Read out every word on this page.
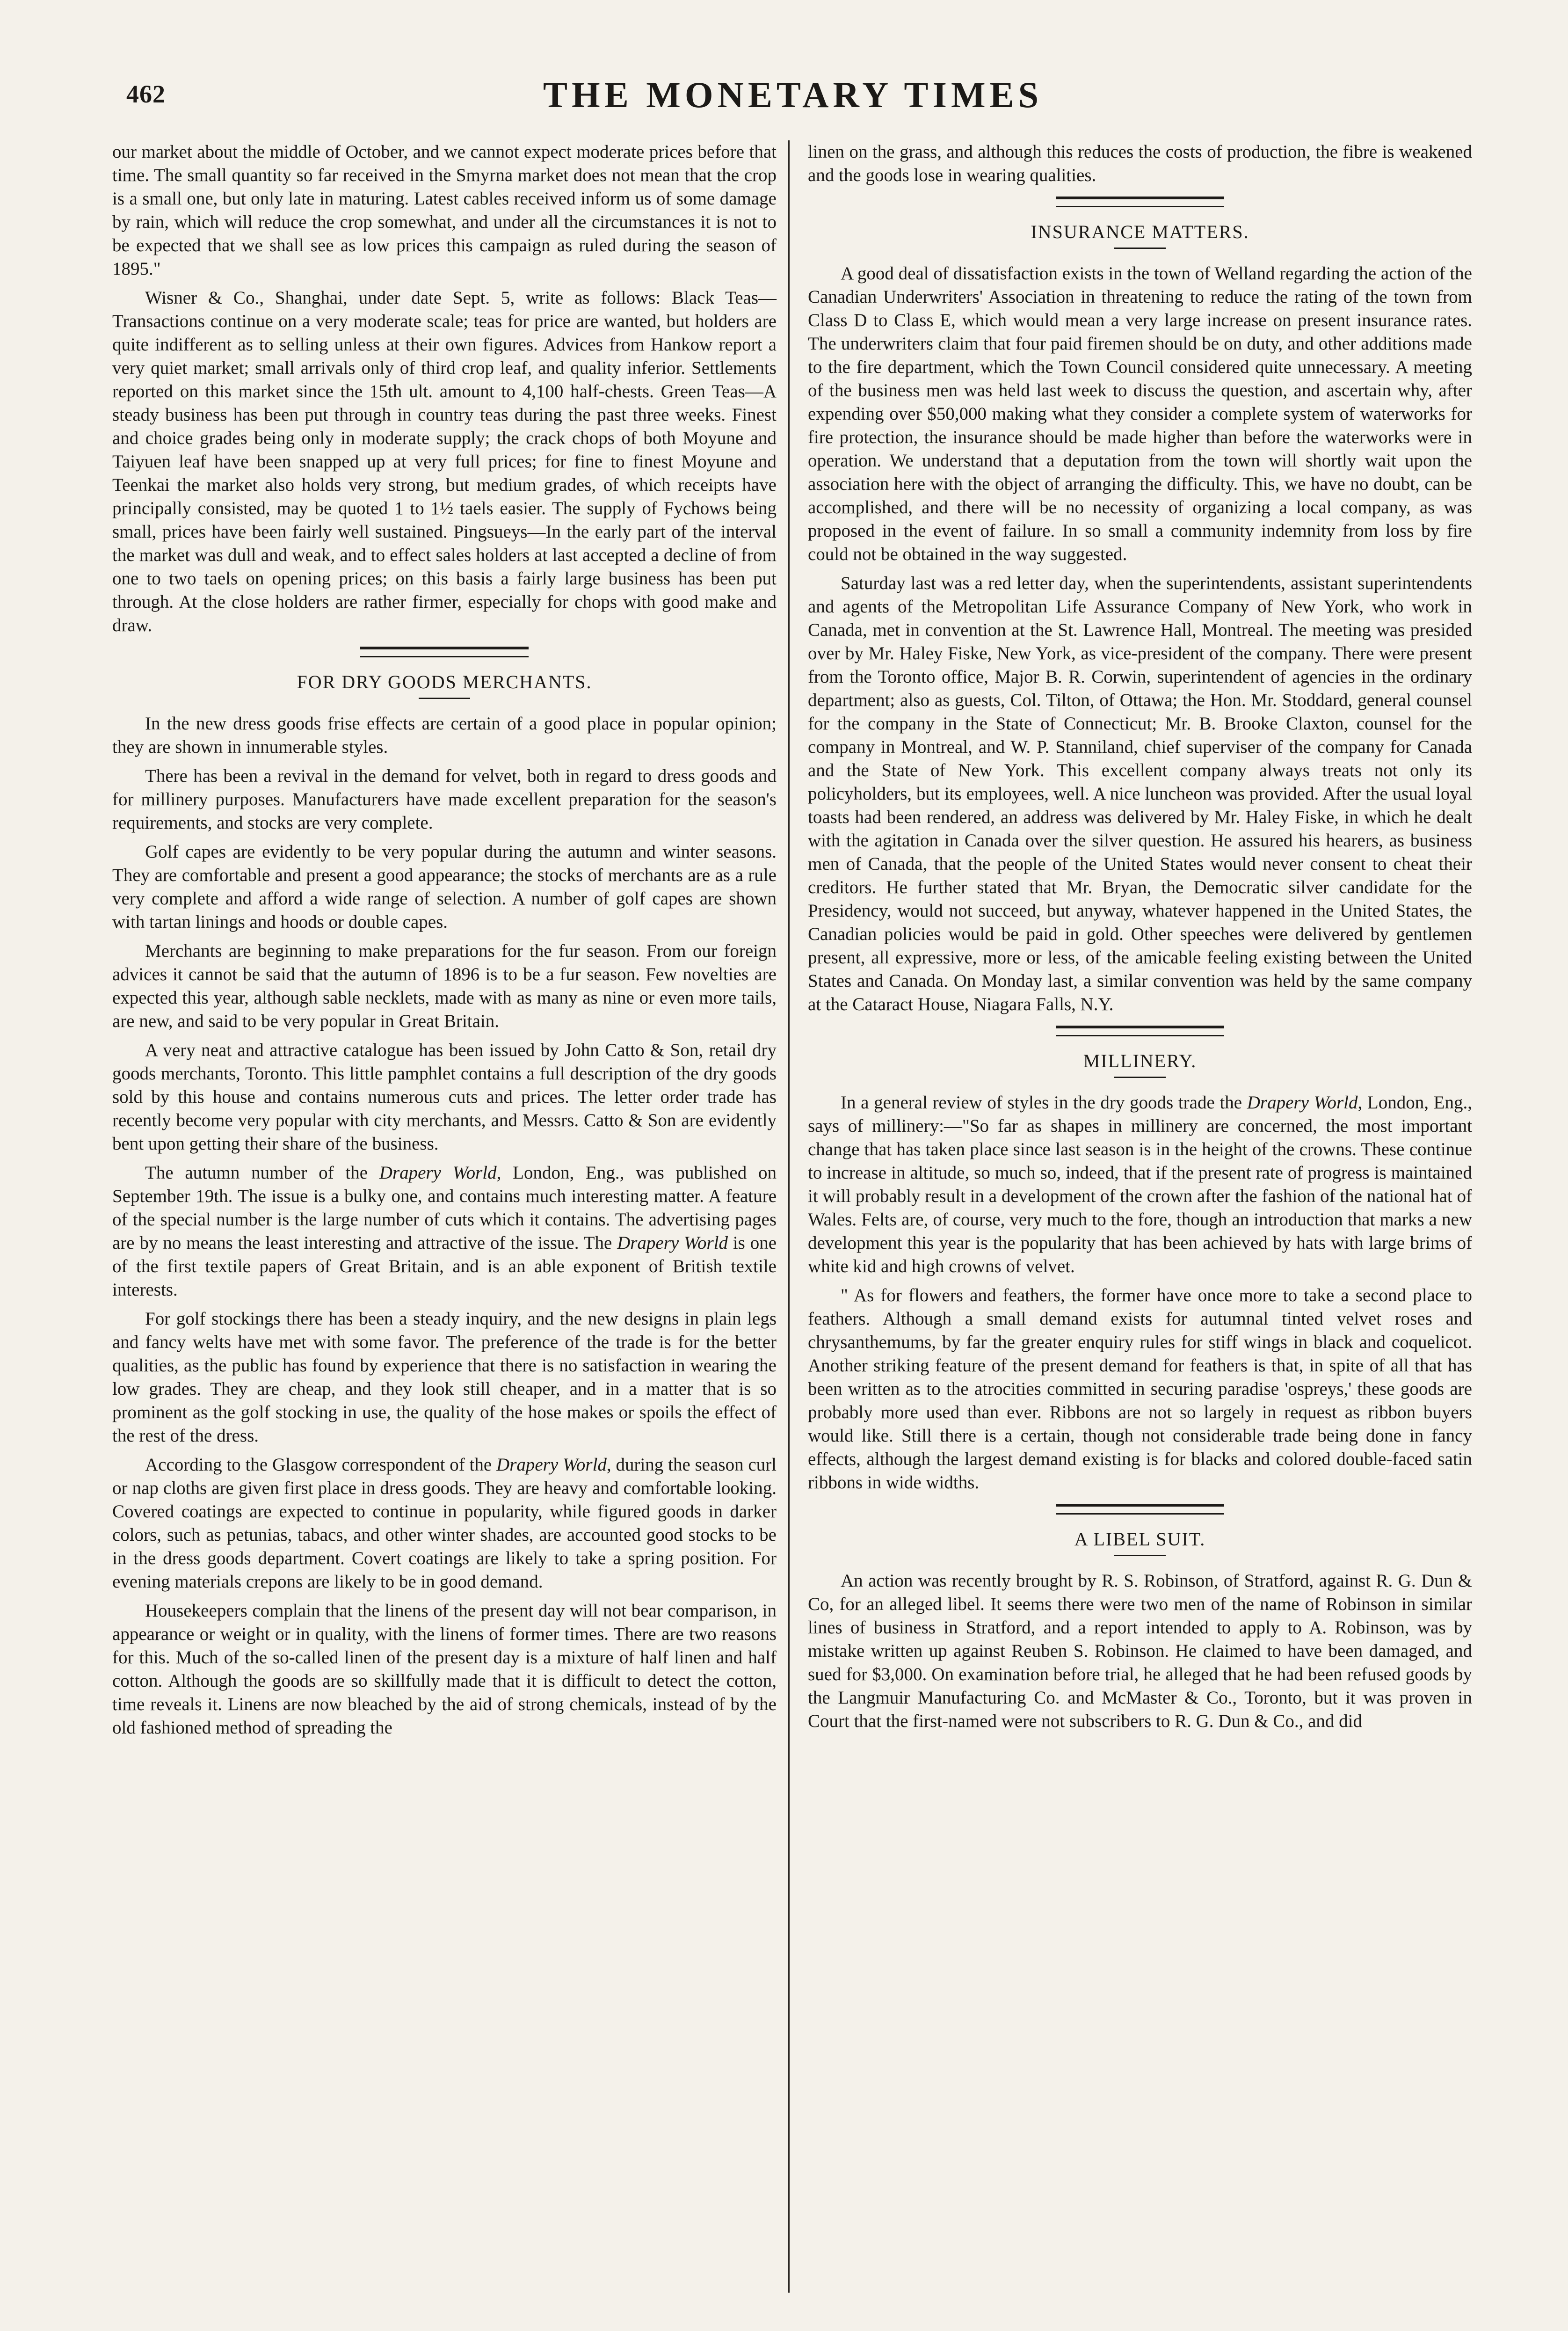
462	THE MONETARY TIMES

our market about the middle of October, and we cannot expect moderate prices before that time. The small quantity so far received in the Smyrna market does not mean that the crop is a small one, but only late in maturing. Latest cables received inform us of some damage by rain, which will reduce the crop somewhat, and under all the circumstances it is not to be expected that we shall see as low prices this campaign as ruled during the season of 1895."

Wisner & Co., Shanghai, under date Sept. 5, write as follows: Black Teas—Transactions continue on a very moderate scale; teas for price are wanted, but holders are quite indifferent as to selling unless at their own figures. Advices from Hankow report a very quiet market; small arrivals only of third crop leaf, and quality inferior. Settlements reported on this market since the 15th ult. amount to 4,100 half-chests. Green Teas—A steady business has been put through in country teas during the past three weeks. Finest and choice grades being only in moderate supply; the crack chops of both Moyune and Taiyuen leaf have been snapped up at very full prices; for fine to finest Moyune and Teenkai the market also holds very strong, but medium grades, of which receipts have principally consisted, may be quoted 1 to 1½ taels easier. The supply of Fychows being small, prices have been fairly well sustained. Pingsueys—In the early part of the interval the market was dull and weak, and to effect sales holders at last accepted a decline of from one to two taels on opening prices; on this basis a fairly large business has been put through. At the close holders are rather firmer, especially for chops with good make and draw.

FOR DRY GOODS MERCHANTS.

In the new dress goods frise effects are certain of a good place in popular opinion; they are shown in innumerable styles.

There has been a revival in the demand for velvet, both in regard to dress goods and for millinery purposes. Manufacturers have made excellent preparation for the season's requirements, and stocks are very complete.

Golf capes are evidently to be very popular during the autumn and winter seasons. They are comfortable and present a good appearance; the stocks of merchants are as a rule very complete and afford a wide range of selection. A number of golf capes are shown with tartan linings and hoods or double capes.

Merchants are beginning to make preparations for the fur season. From our foreign advices it cannot be said that the autumn of 1896 is to be a fur season. Few novelties are expected this year, although sable necklets, made with as many as nine or even more tails, are new, and said to be very popular in Great Britain.

A very neat and attractive catalogue has been issued by John Catto & Son, retail dry goods merchants, Toronto. This little pamphlet contains a full description of the dry goods sold by this house and contains numerous cuts and prices. The letter order trade has recently become very popular with city merchants, and Messrs. Catto & Son are evidently bent upon getting their share of the business.

The autumn number of the Drapery World, London, Eng., was published on September 19th. The issue is a bulky one, and contains much interesting matter. A feature of the special number is the large number of cuts which it contains. The advertising pages are by no means the least interesting and attractive of the issue. The Drapery World is one of the first textile papers of Great Britain, and is an able exponent of British textile interests.

For golf stockings there has been a steady inquiry, and the new designs in plain legs and fancy welts have met with some favor. The preference of the trade is for the better qualities, as the public has found by experience that there is no satisfaction in wearing the low grades. They are cheap, and they look still cheaper, and in a matter that is so prominent as the golf stocking in use, the quality of the hose makes or spoils the effect of the rest of the dress.

According to the Glasgow correspondent of the Drapery World, during the season curl or nap cloths are given first place in dress goods. They are heavy and comfortable looking. Covered coatings are expected to continue in popularity, while figured goods in darker colors, such as petunias, tabacs, and other winter shades, are accounted good stocks to be in the dress goods department. Covert coatings are likely to take a spring position. For evening materials crepons are likely to be in good demand.

Housekeepers complain that the linens of the present day will not bear comparison, in appearance or weight or in quality, with the linens of former times. There are two reasons for this. Much of the so-called linen of the present day is a mixture of half linen and half cotton. Although the goods are so skillfully made that it is difficult to detect the cotton, time reveals it. Linens are now bleached by the aid of strong chemicals, instead of by the old fashioned method of spreading the

linen on the grass, and although this reduces the costs of production, the fibre is weakened and the goods lose in wearing qualities.

INSURANCE MATTERS.

A good deal of dissatisfaction exists in the town of Welland regarding the action of the Canadian Underwriters' Association in threatening to reduce the rating of the town from Class D to Class E, which would mean a very large increase on present insurance rates. The underwriters claim that four paid firemen should be on duty, and other additions made to the fire department, which the Town Council considered quite unnecessary. A meeting of the business men was held last week to discuss the question, and ascertain why, after expending over $50,000 making what they consider a complete system of waterworks for fire protection, the insurance should be made higher than before the waterworks were in operation. We understand that a deputation from the town will shortly wait upon the association here with the object of arranging the difficulty. This, we have no doubt, can be accomplished, and there will be no necessity of organizing a local company, as was proposed in the event of failure. In so small a community indemnity from loss by fire could not be obtained in the way suggested.

Saturday last was a red letter day, when the superintendents, assistant superintendents and agents of the Metropolitan Life Assurance Company of New York, who work in Canada, met in convention at the St. Lawrence Hall, Montreal. The meeting was presided over by Mr. Haley Fiske, New York, as vice-president of the company. There were present from the Toronto office, Major B. R. Corwin, superintendent of agencies in the ordinary department; also as guests, Col. Tilton, of Ottawa; the Hon. Mr. Stoddard, general counsel for the company in the State of Connecticut; Mr. B. Brooke Claxton, counsel for the company in Montreal, and W. P. Stanniland, chief superviser of the company for Canada and the State of New York. This excellent company always treats not only its policyholders, but its employees, well. A nice luncheon was provided. After the usual loyal toasts had been rendered, an address was delivered by Mr. Haley Fiske, in which he dealt with the agitation in Canada over the silver question. He assured his hearers, as business men of Canada, that the people of the United States would never consent to cheat their creditors. He further stated that Mr. Bryan, the Democratic silver candidate for the Presidency, would not succeed, but anyway, whatever happened in the United States, the Canadian policies would be paid in gold. Other speeches were delivered by gentlemen present, all expressive, more or less, of the amicable feeling existing between the United States and Canada. On Monday last, a similar convention was held by the same company at the Cataract House, Niagara Falls, N.Y.

MILLINERY.

In a general review of styles in the dry goods trade the Drapery World, London, Eng., says of millinery:—"So far as shapes in millinery are concerned, the most important change that has taken place since last season is in the height of the crowns. These continue to increase in altitude, so much so, indeed, that if the present rate of progress is maintained it will probably result in a development of the crown after the fashion of the national hat of Wales. Felts are, of course, very much to the fore, though an introduction that marks a new development this year is the popularity that has been achieved by hats with large brims of white kid and high crowns of velvet.

" As for flowers and feathers, the former have once more to take a second place to feathers. Although a small demand exists for autumnal tinted velvet roses and chrysanthemums, by far the greater enquiry rules for stiff wings in black and coquelicot. Another striking feature of the present demand for feathers is that, in spite of all that has been written as to the atrocities committed in securing paradise 'ospreys,' these goods are probably more used than ever. Ribbons are not so largely in request as ribbon buyers would like. Still there is a certain, though not considerable trade being done in fancy effects, although the largest demand existing is for blacks and colored double-faced satin ribbons in wide widths.

A LIBEL SUIT.

An action was recently brought by R. S. Robinson, of Stratford, against R. G. Dun & Co, for an alleged libel. It seems there were two men of the name of Robinson in similar lines of business in Stratford, and a report intended to apply to A. Robinson, was by mistake written up against Reuben S. Robinson. He claimed to have been damaged, and sued for $3,000. On examination before trial, he alleged that he had been refused goods by the Langmuir Manufacturing Co. and McMaster & Co., Toronto, but it was proven in Court that the first-named were not subscribers to R. G. Dun & Co., and did
